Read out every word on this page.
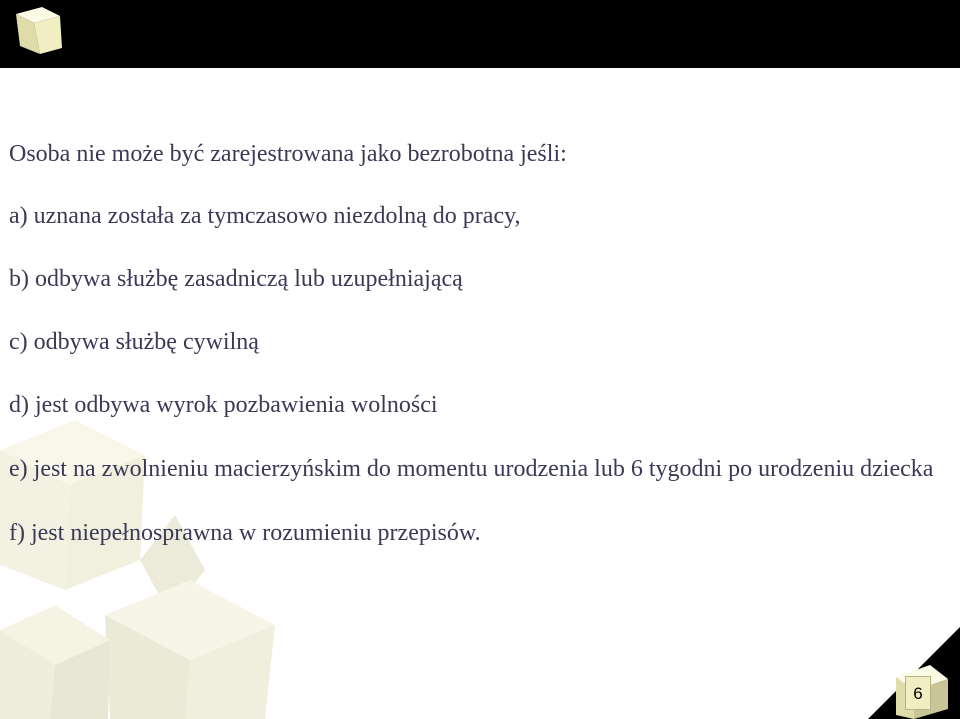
6

Osoba nie może być zarejestrowana jako bezrobotna jeśli:

a) uznana została za tymczasowo niezdolną do pracy,

b) odbywa służbę zasadniczą lub uzupełniającą

c) odbywa służbę cywilną

d) jest odbywa wyrok pozbawienia wolności

e) jest na zwolnieniu macierzyńskim do momentu urodzenia lub 6 tygodni po urodzeniu dziecka

f) jest niepełnosprawna w rozumieniu przepisów.
